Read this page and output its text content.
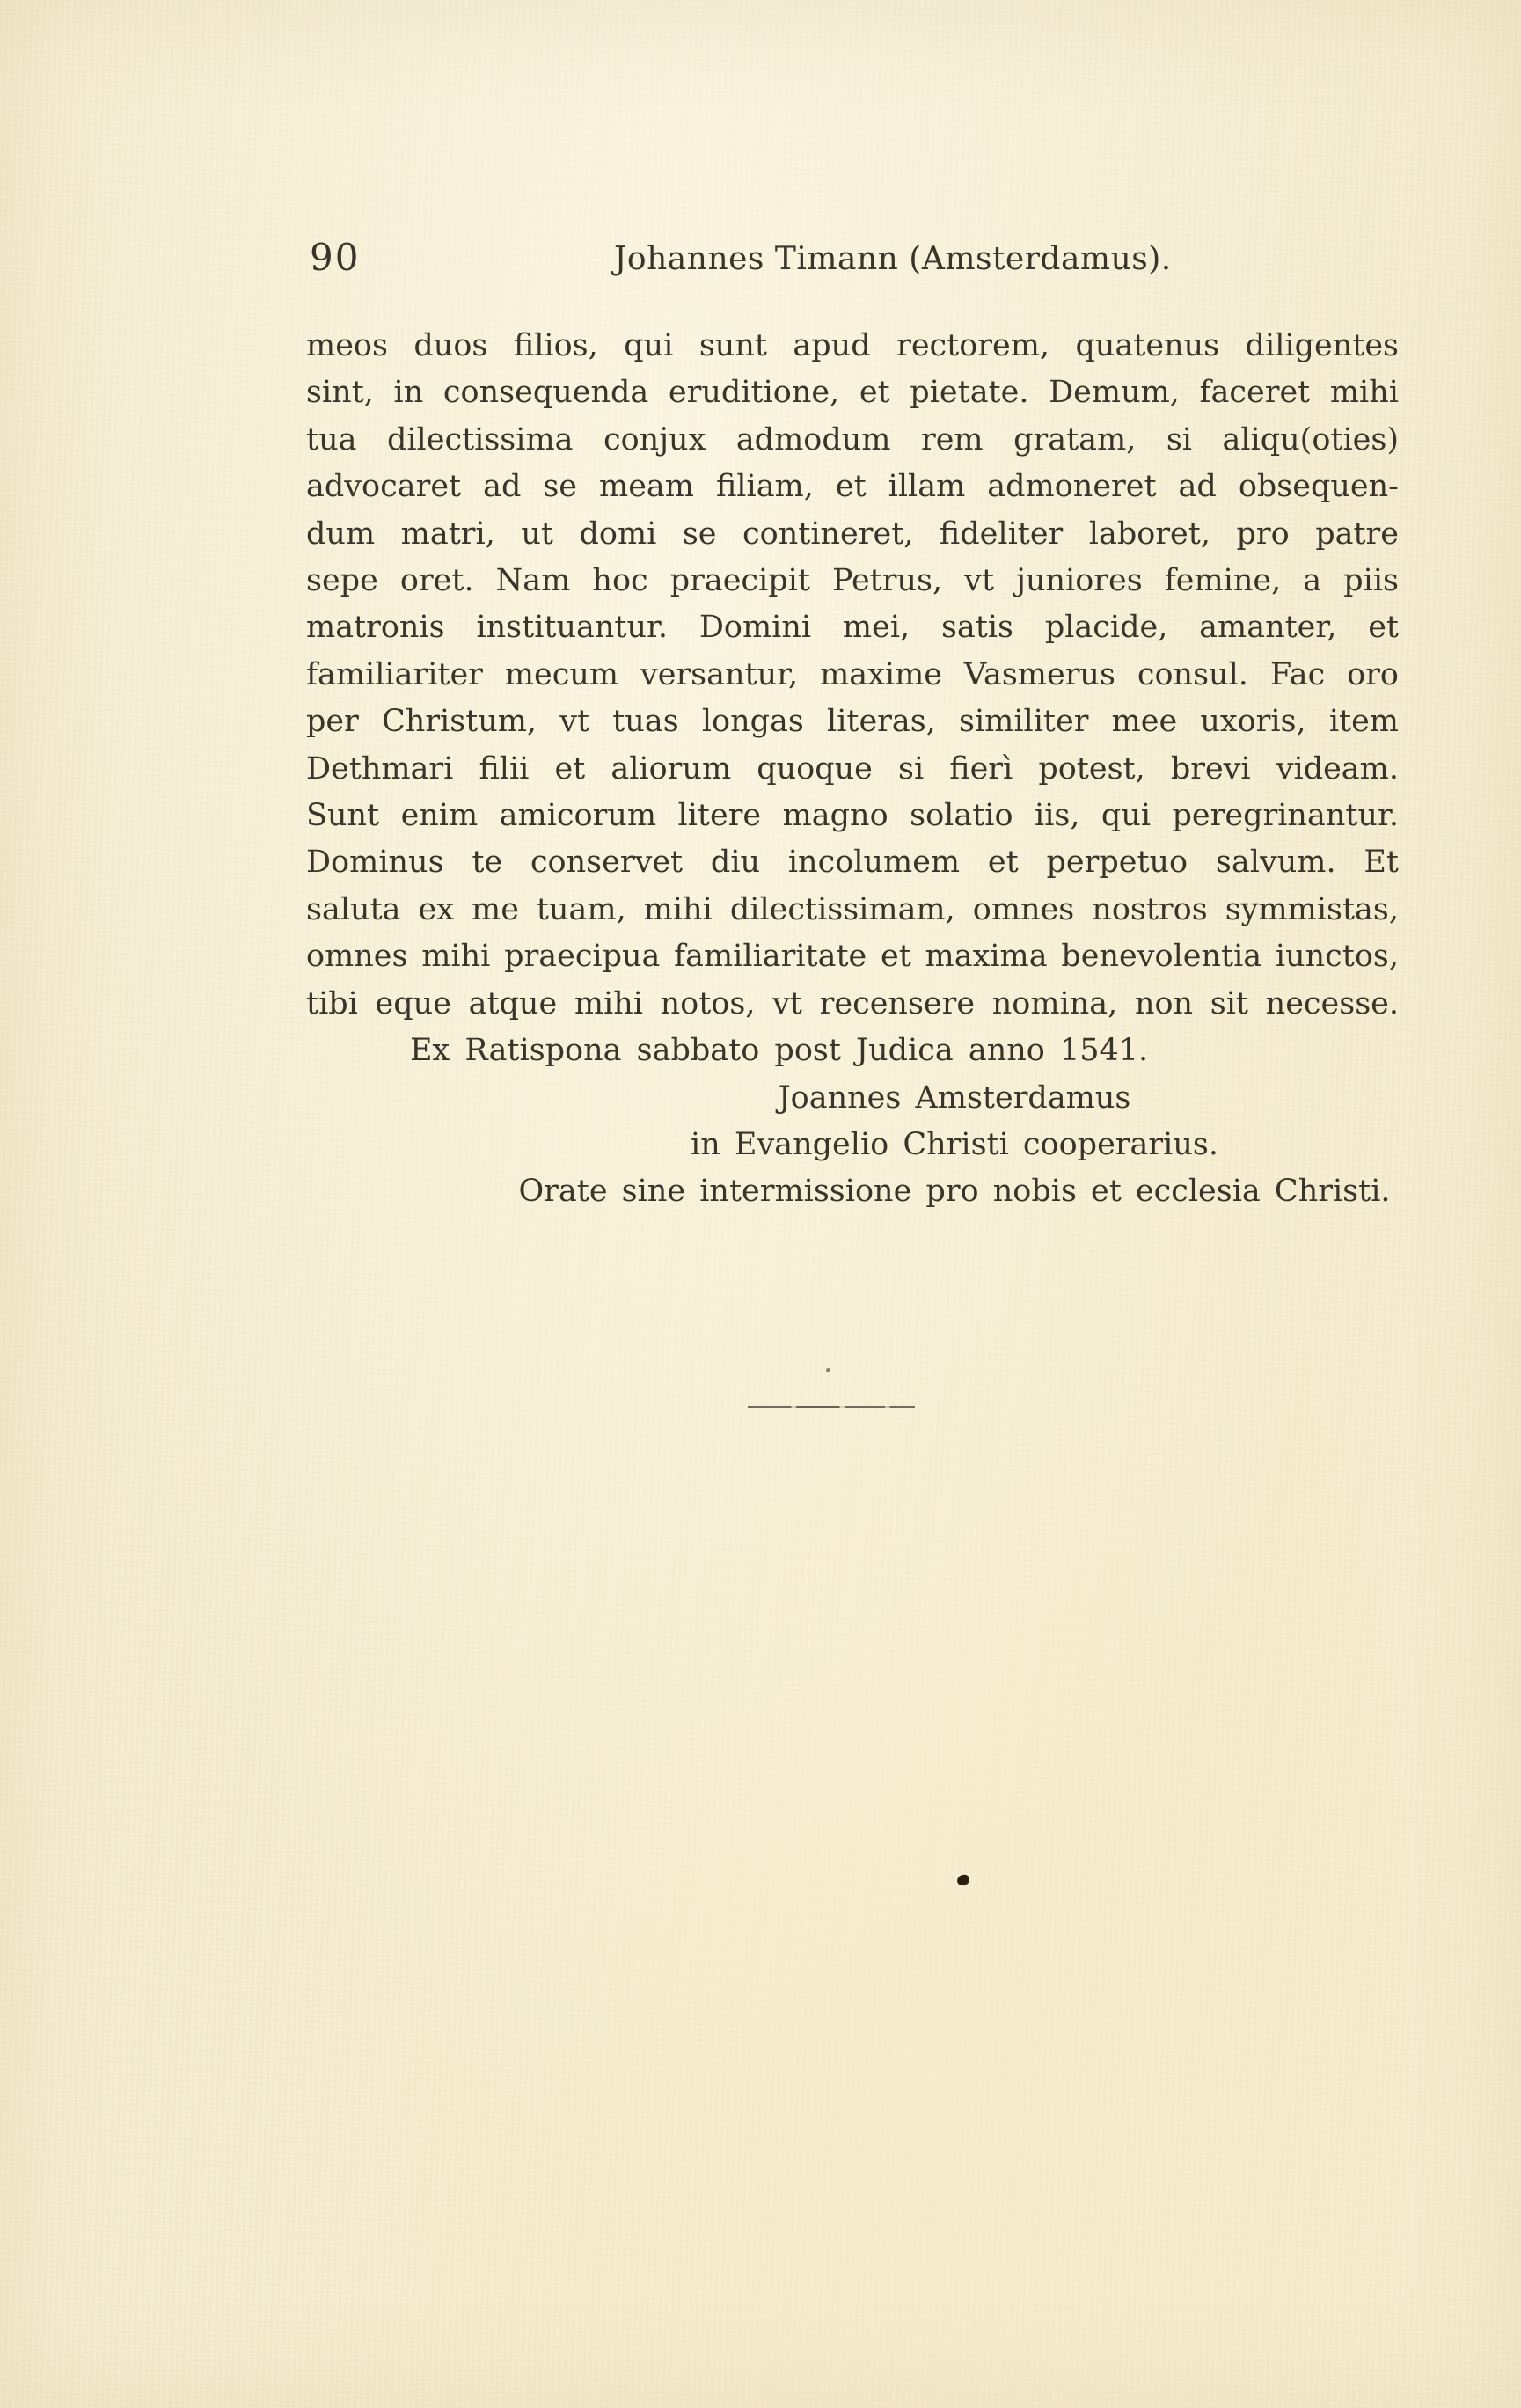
90	Johannes Timann (Amsterdamus).
meos duos filios, qui sunt apud rectorem, quatenus diligentes
sint, in consequenda eruditione, et pietate. Demum, faceret mihi
tua dilectissima conjux admodum rem gratam, si aliqu(oties)
advocaret ad se meam filiam, et illam admoneret ad obsequen-
dum matri, ut domi se contineret, fideliter laboret, pro patre
sepe oret. Nam hoc praecipit Petrus, vt juniores femine, a piis
matronis instituantur. Domini mei, satis placide, amanter, et
familiariter mecum versantur, maxime Vasmerus consul. Fac oro
per Christum, vt tuas longas literas, similiter mee uxoris, item
Dethmari filii et aliorum quoque si fierì potest, brevi videam.
Sunt enim amicorum litere magno solatio iis, qui peregrinantur.
Dominus te conservet diu incolumem et perpetuo salvum. Et
saluta ex me tuam, mihi dilectissimam, omnes nostros symmistas,
omnes mihi praecipua familiaritate et maxima benevolentia iunctos,
tibi eque atque mihi notos, vt recensere nomina, non sit necesse.
Ex Ratispona sabbato post Judica anno 1541.
Joannes Amsterdamus
in Evangelio Christi cooperarius.
Orate sine intermissione pro nobis et ecclesia Christi.
